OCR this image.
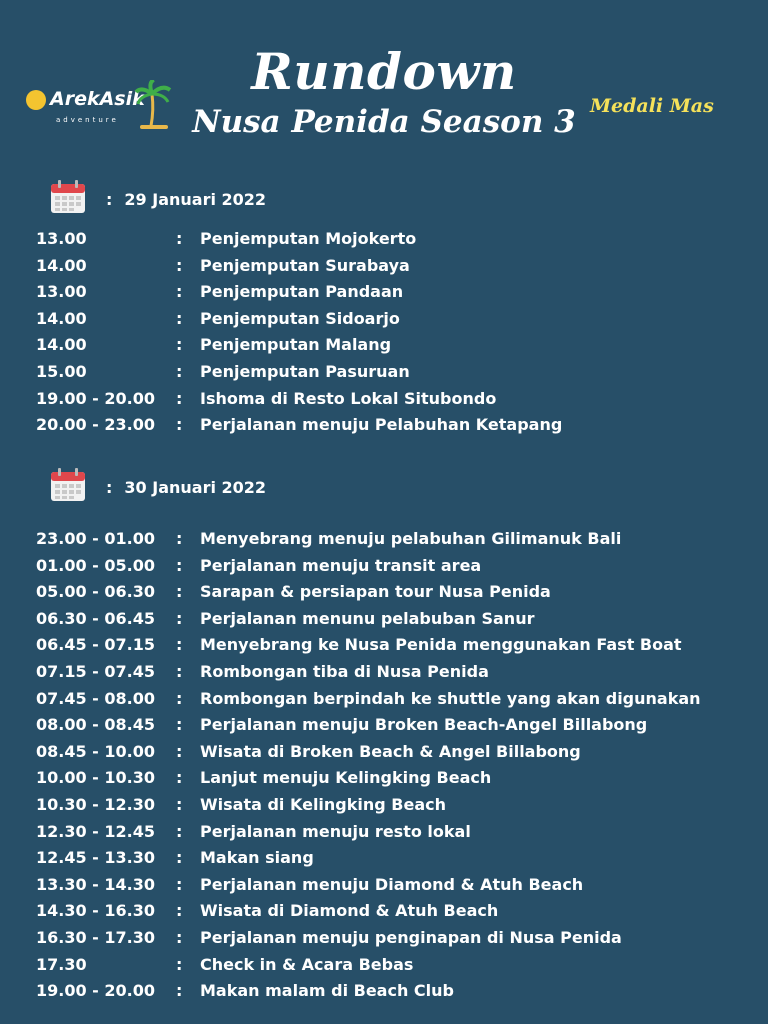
ArekAsik
adventure
Rundown
Nusa Penida Season 3 Medali Mas
: 29 Januari 2022
13.00	: Penjemputan Mojokerto
14.00	: Penjemputan Surabaya
13.00	: Penjemputan Pandaan
14.00	: Penjemputan Sidoarjo
14.00	: Penjemputan Malang
15.00	: Penjemputan Pasuruan
19.00 - 20.00 : Ishoma di Resto Lokal Situbondo
20.00 - 23.00 : Perjalanan menuju Pelabuhan Ketapang
: 30 Januari 2022
23.00 - 01.00 : Menyebrang menuju pelabuhan Gilimanuk Bali
01.00 - 05.00 : Perjalanan menuju transit area
05.00 - 06.30 : Sarapan & persiapan tour Nusa Penida
06.30 - 06.45 : Perjalanan menunu pelabuban Sanur
06.45 - 07.15 : Menyebrang ke Nusa Penida menggunakan Fast Boat
07.15 - 07.45 : Rombongan tiba di Nusa Penida
07.45 - 08.00 : Rombongan berpindah ke shuttle yang akan digunakan
08.00 - 08.45 : Perjalanan menuju Broken Beach-Angel Billabong
08.45 - 10.00 : Wisata di Broken Beach & Angel Billabong
10.00 - 10.30 : Lanjut menuju Kelingking Beach
10.30 - 12.30 : Wisata di Kelingking Beach
12.30 - 12.45 : Perjalanan menuju resto lokal
12.45 - 13.30 : Makan siang
13.30 - 14.30 : Perjalanan menuju Diamond & Atuh Beach
14.30 - 16.30 : Wisata di Diamond & Atuh Beach
16.30 - 17.30 : Perjalanan menuju penginapan di Nusa Penida
17.30	: Check in & Acara Bebas
19.00 - 20.00 : Makan malam di Beach Club
